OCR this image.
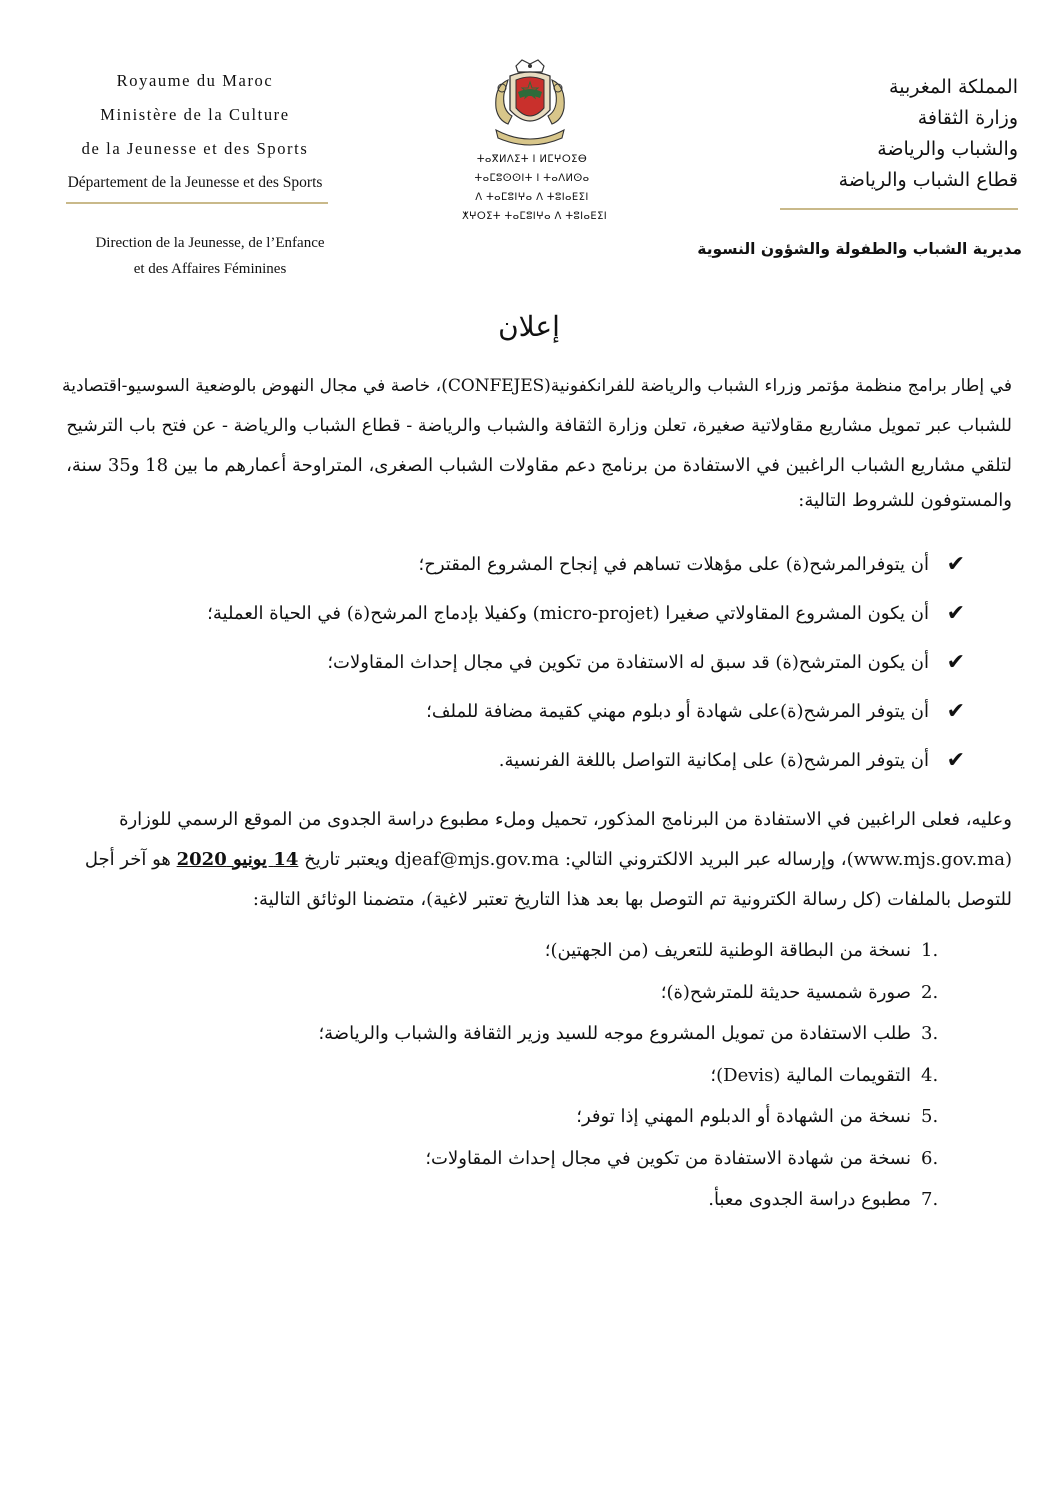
Royaume du Maroc
Ministère de la Culture
de la Jeunesse et des Sports
Département de la Jeunesse et des Sports
Direction de la Jeunesse, de l’Enfance
et des Affaires Féminines
ⵜⴰⴳⵍⴷⵉⵜ ⵏ ⵍⵎⵖⵔⵉⴱ
ⵜⴰⵎⵓⵙⵙⵏⵜ ⵏ ⵜⴰⴷⵍⵙⴰ
ⴷ ⵜⴰⵎⵓⵏⵖⴰ ⴷ ⵜⵓⵏⴰⴹⵉⵏ
ⵅⵖⵔⵉⵜ ⵜⴰⵎⵓⵏⵖⴰ ⴷ ⵜⵓⵏⴰⴹⵉⵏ
المملكة المغربية
وزارة الثقافة
والشباب والرياضة
قطاع الشباب والرياضة
مديرية الشباب والطفولة والشؤون النسوية
إعلان
في إطار برامج منظمة مؤتمر وزراء الشباب والرياضة للفرانكفونية(CONFEJES)، خاصة في مجال النهوض بالوضعية السوسيو-اقتصادية
للشباب عبر تمويل مشاريع مقاولاتية صغيرة، تعلن وزارة الثقافة والشباب والرياضة - قطاع الشباب والرياضة - عن فتح باب الترشيح
لتلقي مشاريع الشباب الراغبين في الاستفادة من برنامج دعم مقاولات الشباب الصغرى، المتراوحة أعمارهم ما بين 18 و35 سنة،
والمستوفون للشروط التالية:
✔
أن يتوفرالمرشح(ة) على مؤهلات تساهم في إنجاح المشروع المقترح؛
✔
أن يكون المشروع المقاولاتي صغيرا (micro-projet) وكفيلا بإدماج المرشح(ة) في الحياة العملية؛
✔
أن يكون المترشح(ة) قد سبق له الاستفادة من تكوين في مجال إحداث المقاولات؛
✔
أن يتوفر المرشح(ة)على شهادة أو دبلوم مهني كقيمة مضافة للملف؛
✔
أن يتوفر المرشح(ة) على إمكانية التواصل باللغة الفرنسية.
وعليه، فعلى الراغبين في الاستفادة من البرنامج المذكور، تحميل وملء مطبوع دراسة الجدوى من الموقع الرسمي للوزارة
(www.mjs.gov.ma)، وإرساله عبر البريد الالكتروني التالي: djeaf@mjs.gov.ma ويعتبر تاريخ 14 يونيو 2020 هو آخر أجل
للتوصل بالملفات (كل رسالة الكترونية تم التوصل بها بعد هذا التاريخ تعتبر لاغية)، متضمنا الوثائق التالية:
1.
نسخة من البطاقة الوطنية للتعريف (من الجهتين)؛
2.
صورة شمسية حديثة للمترشح(ة)؛
3.
طلب الاستفادة من تمويل المشروع موجه للسيد وزير الثقافة والشباب والرياضة؛
4.
التقويمات المالية (Devis)؛
5.
نسخة من الشهادة أو الدبلوم المهني إذا توفر؛
6.
نسخة من شهادة الاستفادة من تكوين في مجال إحداث المقاولات؛
7.
مطبوع دراسة الجدوى معبأ.
